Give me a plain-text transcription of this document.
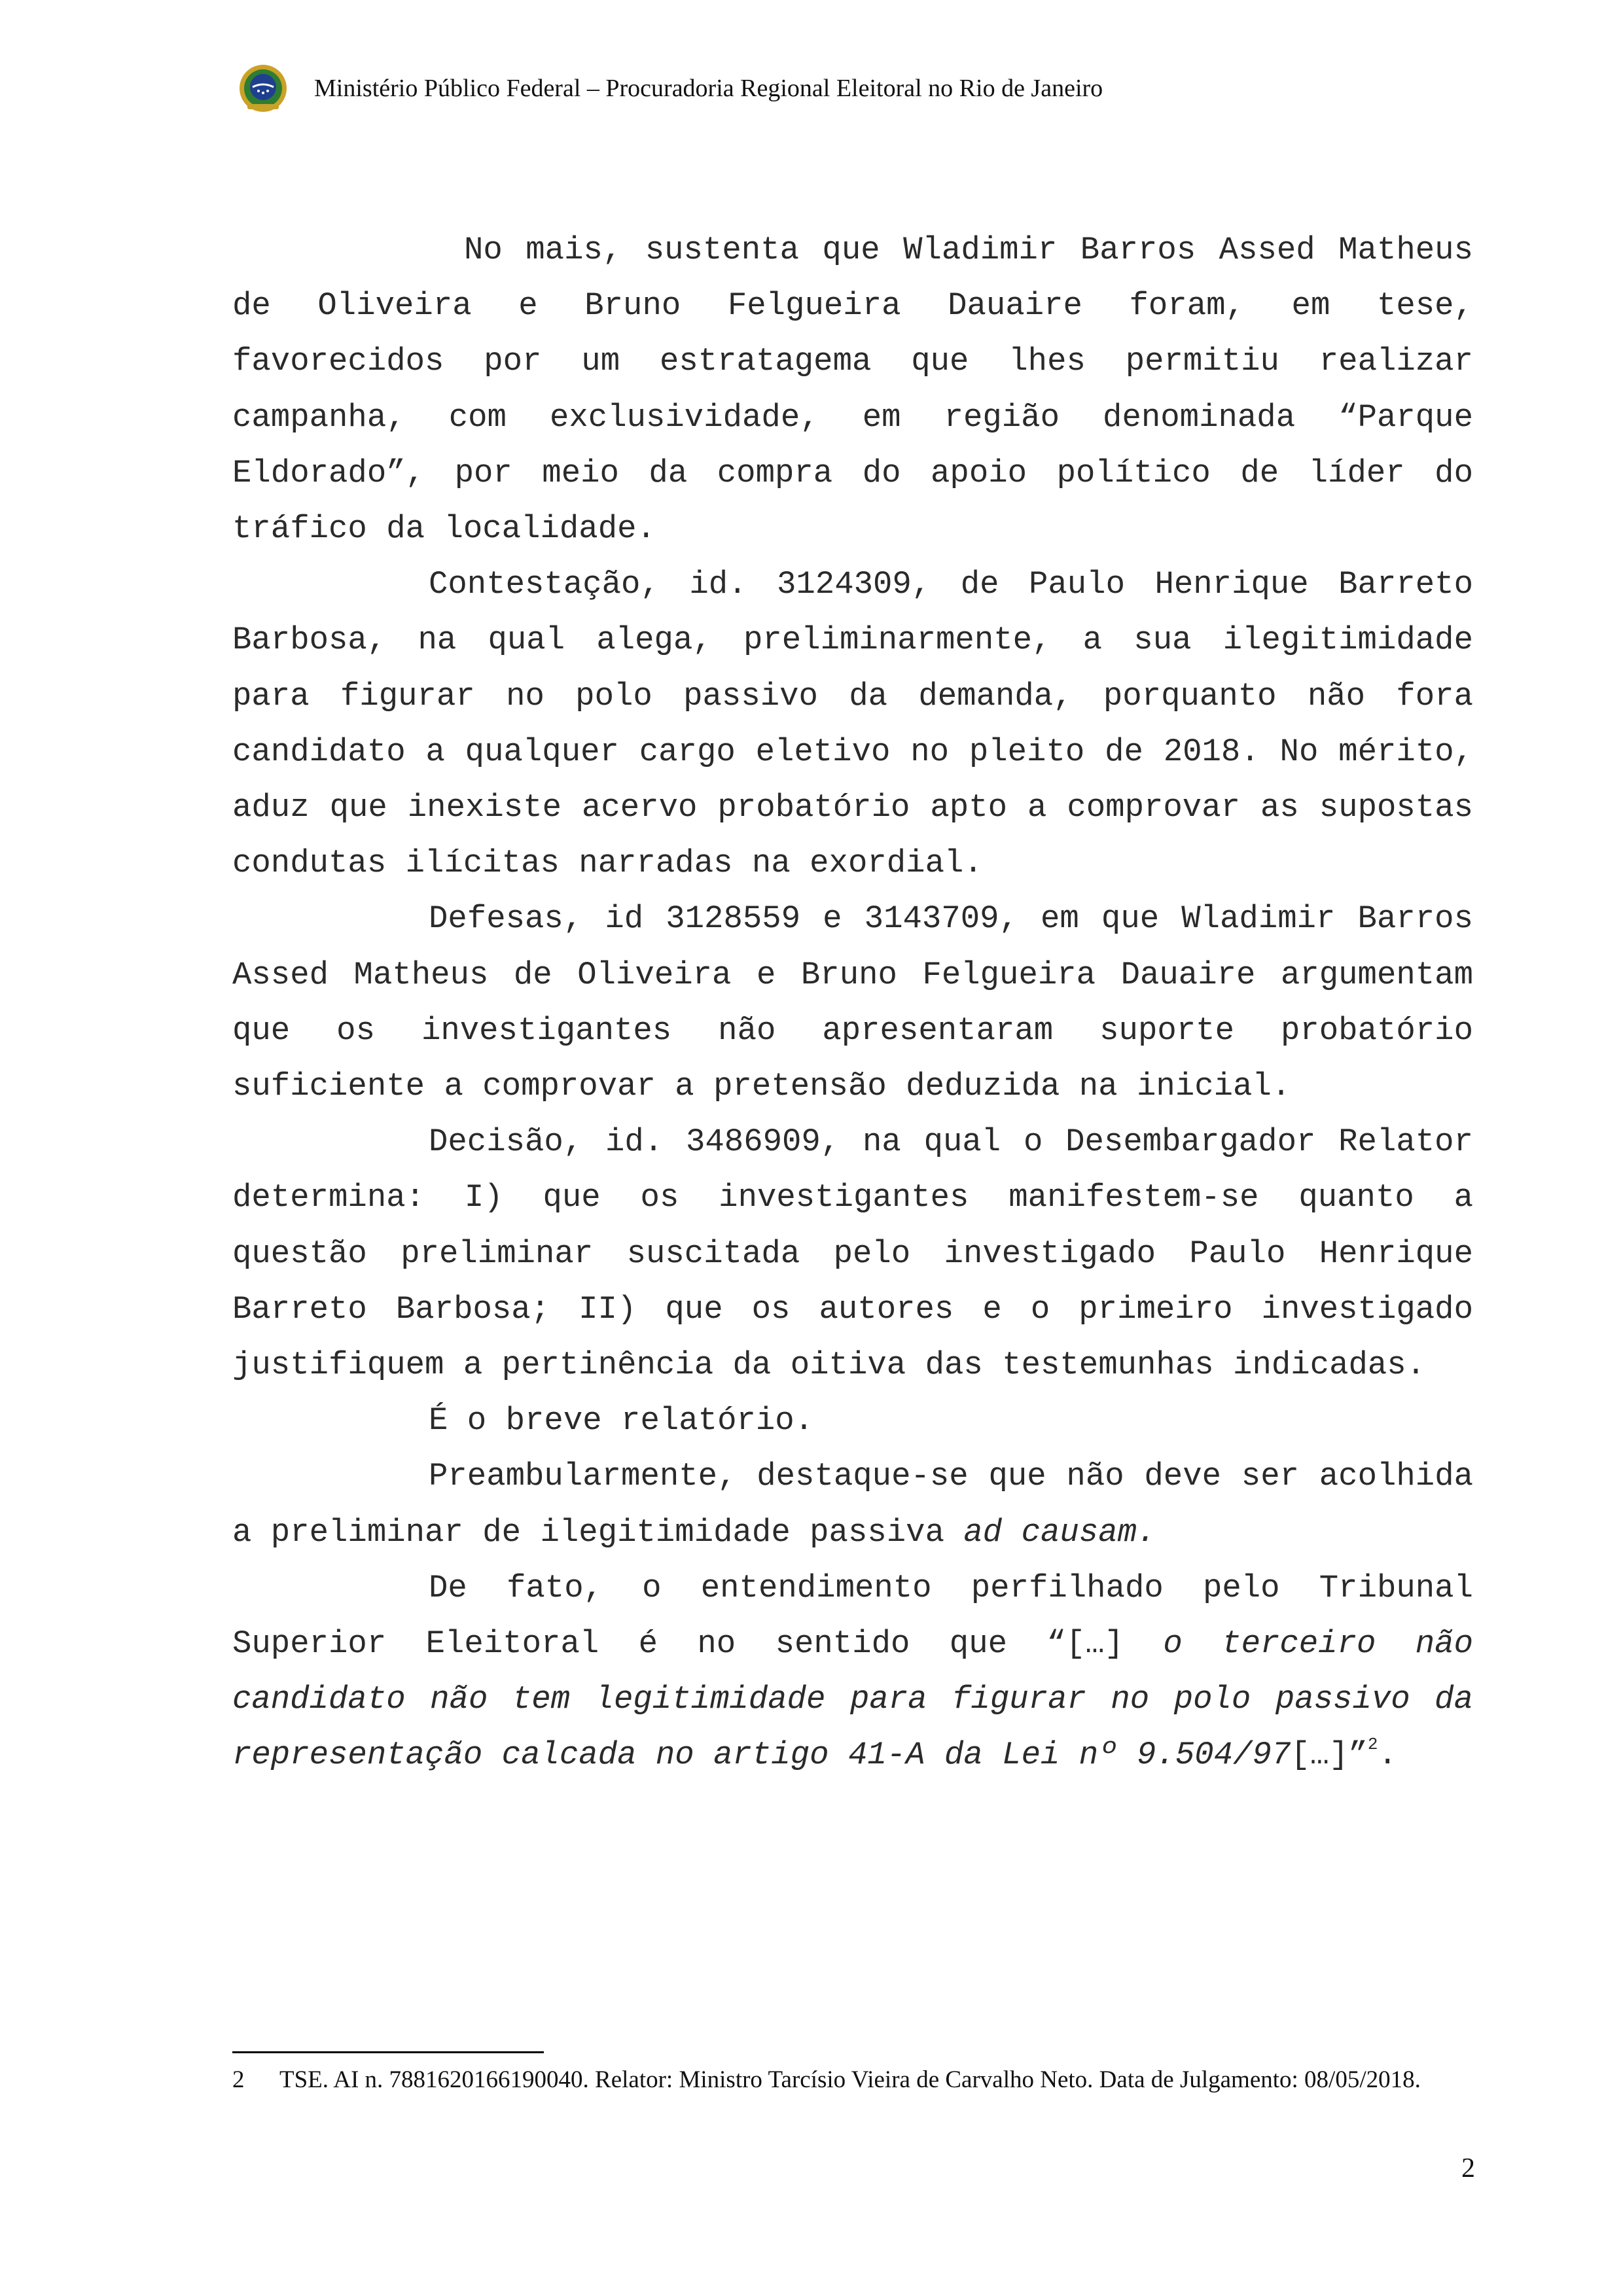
Ministério Público Federal – Procuradoria Regional Eleitoral no Rio de Janeiro

No mais, sustenta que Wladimir Barros Assed Matheus de Oliveira e Bruno Felgueira Dauaire foram, em tese, favorecidos por um estratagema que lhes permitiu realizar campanha, com exclusividade, em região denominada “Parque Eldorado”, por meio da compra do apoio político de líder do tráfico da localidade.

Contestação, id. 3124309, de Paulo Henrique Barreto Barbosa, na qual alega, preliminarmente, a sua ilegitimidade para figurar no polo passivo da demanda, porquanto não fora candidato a qualquer cargo eletivo no pleito de 2018. No mérito, aduz que inexiste acervo probatório apto a comprovar as supostas condutas ilícitas narradas na exordial.

Defesas, id 3128559 e 3143709, em que Wladimir Barros Assed Matheus de Oliveira e Bruno Felgueira Dauaire argumentam que os investigantes não apresentaram suporte probatório suficiente a comprovar a pretensão deduzida na inicial.

Decisão, id. 3486909, na qual o Desembargador Relator determina: I) que os investigantes manifestem-se quanto a questão preliminar suscitada pelo investigado Paulo Henrique Barreto Barbosa; II) que os autores e o primeiro investigado justifiquem a pertinência da oitiva das testemunhas indicadas.

É o breve relatório.

Preambularmente, destaque-se que não deve ser acolhida a preliminar de ilegitimidade passiva ad causam.

De fato, o entendimento perfilhado pelo Tribunal Superior Eleitoral é no sentido que “[…] o terceiro não candidato não tem legitimidade para figurar no polo passivo da representação calcada no artigo 41-A da Lei nº 9.504/97[…]”$^2$.

2	TSE. AI n. 7881620166190040. Relator: Ministro Tarcísio Vieira de Carvalho Neto. Data de Julgamento: 08/05/2018.
2
